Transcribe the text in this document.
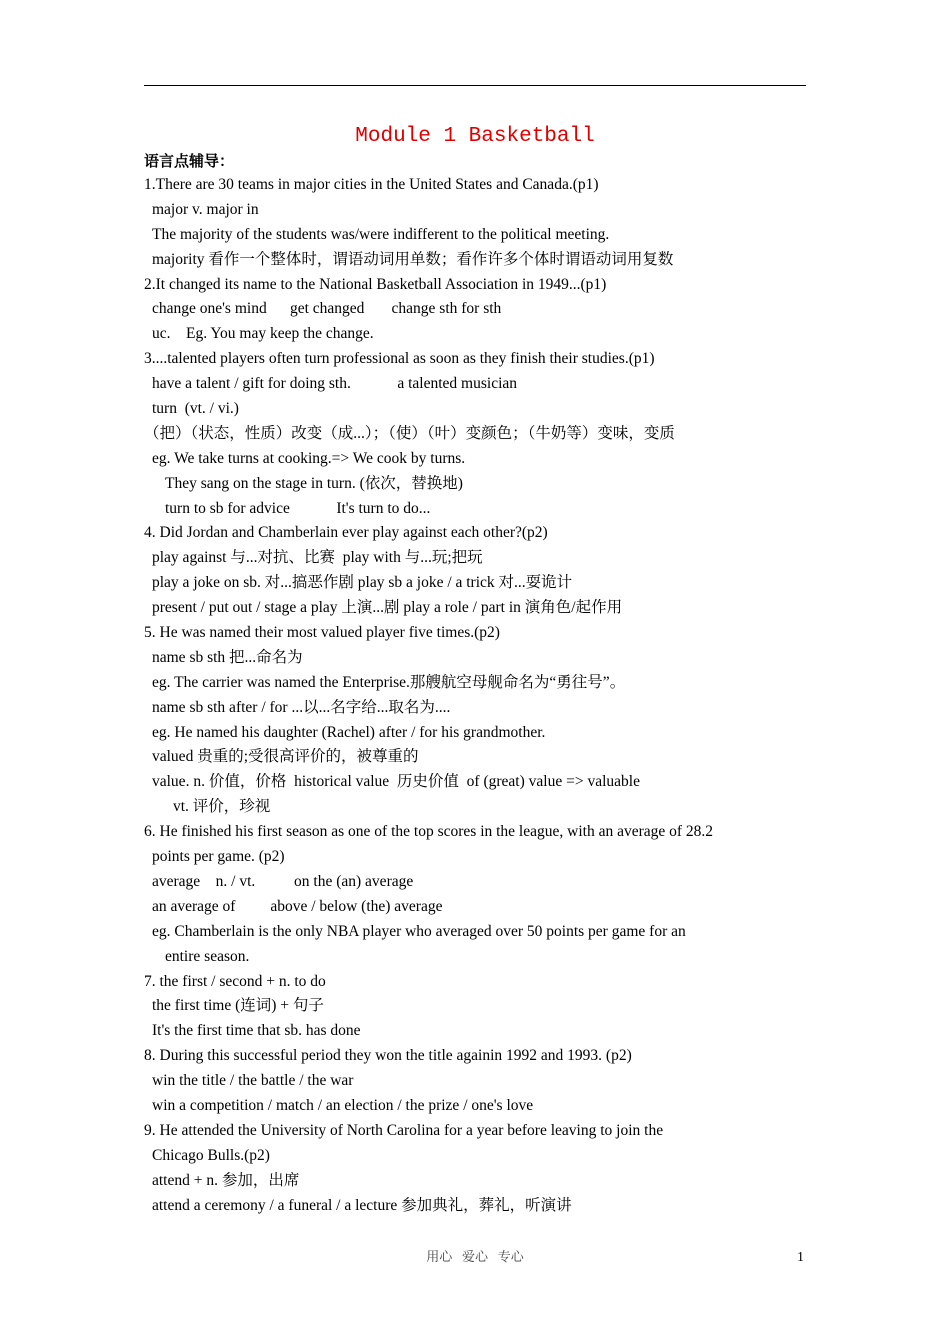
Module 1 Basketball
语言点辅导：
1.There are 30 teams in major cities in the United States and Canada.(p1)
major v. major in
The majority of the students was/were indifferent to the political meeting.
majority 看作一个整体时，谓语动词用单数；看作许多个体时谓语动词用复数
2.It changed its name to the National Basketball Association in 1949...(p1)
change one's mind      get changed       change sth for sth
uc.    Eg. You may keep the change.
3....talented players often turn professional as soon as they finish their studies.(p1)
have a talent / gift for doing sth.            a talented musician
turn  (vt. / vi.)
（把）（状态，性质）改变（成...）；（使）（叶）变颜色；（牛奶等）变味，变质
eg. We take turns at cooking.=> We cook by turns.
They sang on the stage in turn. (依次，替换地)
turn to sb for advice            It's turn to do...
4. Did Jordan and Chamberlain ever play against each other?(p2)
play against 与...对抗、比赛  play with 与...玩;把玩
play a joke on sb. 对...搞恶作剧 play sb a joke / a trick 对...耍诡计
present / put out / stage a play 上演...剧 play a role / part in 演角色/起作用
5. He was named their most valued player five times.(p2)
name sb sth 把...命名为
eg. The carrier was named the Enterprise.那艘航空母舰命名为“勇往号”。
name sb sth after / for ...以...名字给...取名为....
eg. He named his daughter (Rachel) after / for his grandmother.
valued 贵重的;受很高评价的，被尊重的
value. n. 价值，价格  historical value  历史价值  of (great) value => valuable
vt. 评价，珍视
6. He finished his first season as one of the top scores in the league, with an average of 28.2
points per game. (p2)
average    n. / vt.          on the (an) average
an average of         above / below (the) average
eg. Chamberlain is the only NBA player who averaged over 50 points per game for an
entire season.
7. the first / second + n. to do
the first time (连词) + 句子
It's the first time that sb. has done
8. During this successful period they won the title againin 1992 and 1993. (p2)
win the title / the battle / the war
win a competition / match / an election / the prize / one's love
9. He attended the University of North Carolina for a year before leaving to join the
Chicago Bulls.(p2)
attend + n. 参加，出席
attend a ceremony / a funeral / a lecture 参加典礼，葬礼，听演讲
用心   爱心   专心	1
